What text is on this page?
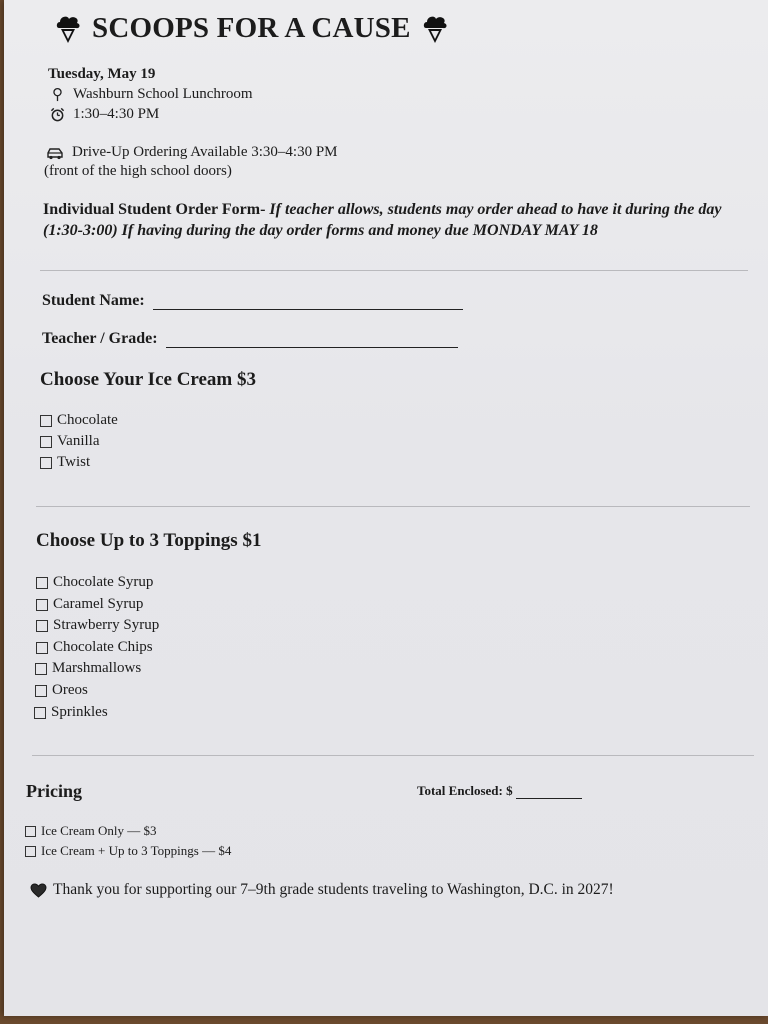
SCOOPS FOR A CAUSE
Tuesday, May 19
Washburn School Lunchroom
1:30–4:30 PM
Drive-Up Ordering Available 3:30–4:30 PM
(front of the high school doors)
Individual Student Order Form- If teacher allows, students may order ahead to have it during the day (1:30-3:00) If having during the day order forms and money due MONDAY MAY 18
Student Name:
Teacher / Grade:
Choose Your Ice Cream $3
Chocolate
Vanilla
Twist
Choose Up to 3 Toppings $1
Chocolate Syrup
Caramel Syrup
Strawberry Syrup
Chocolate Chips
Marshmallows
Oreos
Sprinkles
Pricing	Total Enclosed: $
Ice Cream Only — $3
Ice Cream + Up to 3 Toppings — $4
Thank you for supporting our 7–9th grade students traveling to Washington, D.C. in 2027!
